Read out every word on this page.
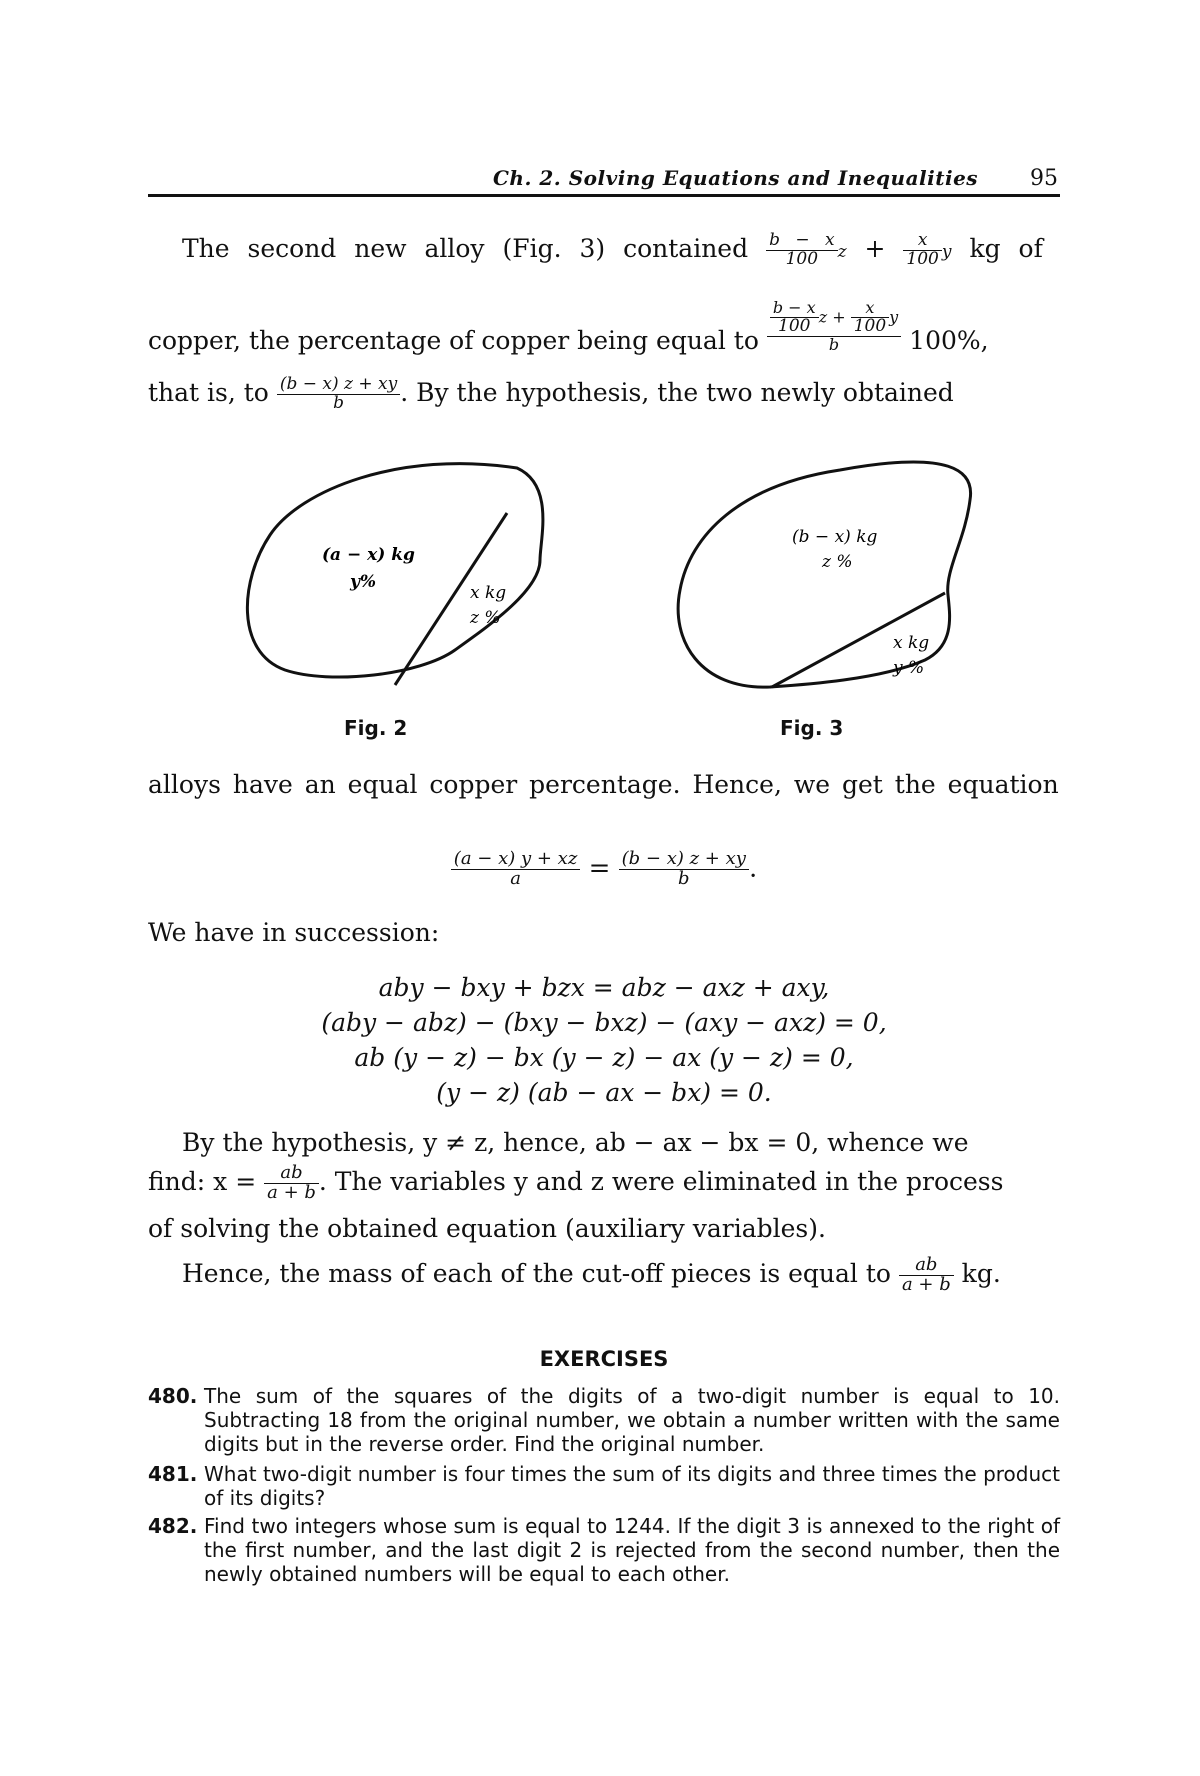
Ch. 2. Solving Equations and Inequalities 95
The second new alloy (Fig. 3) contained $\frac{b - x}{100}$ $z + \frac{x}{100}$ y kg of
copper, the percentage of copper being equal to
$\frac{b - x}{100}$ $z + \frac{x}{100}$ y
b	100%,
that is, to $\frac{(b - x) z + xy}{b}$ . By the hypothesis, the two newly obtained
(a − x) kg
y%
x kg
z %
(b − x) kg
z %
x kg
y %
Fig. 2	Fig. 3
alloys have an equal copper percentage. Hence, we get the equation
$\frac{(a - x) y + xz}{a} = \frac{(b - x) z + xy}{b}$ .
We have in succession:
aby − bxy + bzx = abz − axz + axy,
(aby − abz) − (bxy − bxz) − (axy − axz) = 0,
ab (y − z) − bx (y − z) − ax (y − z) = 0,
(y − z) (ab − ax − bx) = 0.
By the hypothesis, y ≠ z, hence, ab − ax − bx = 0, whence we
find: $x = \frac{ab}{a + b}$ . The variables y and z were eliminated in the process
of solving the obtained equation (auxiliary variables).
Hence, the mass of each of the cut-off pieces is equal to $\frac{ab}{a + b}$ kg.
EXERCISES
480. The sum of the squares of the digits of a two-digit number is equal to 10. Subtracting 18 from the original number, we obtain a number written with the same digits but in the reverse order. Find the original number.
481. What two-digit number is four times the sum of its digits and three times the product of its digits?
482. Find two integers whose sum is equal to 1244. If the digit 3 is annexed to the right of the first number, and the last digit 2 is rejected from the second number, then the newly obtained numbers will be equal to each other.
